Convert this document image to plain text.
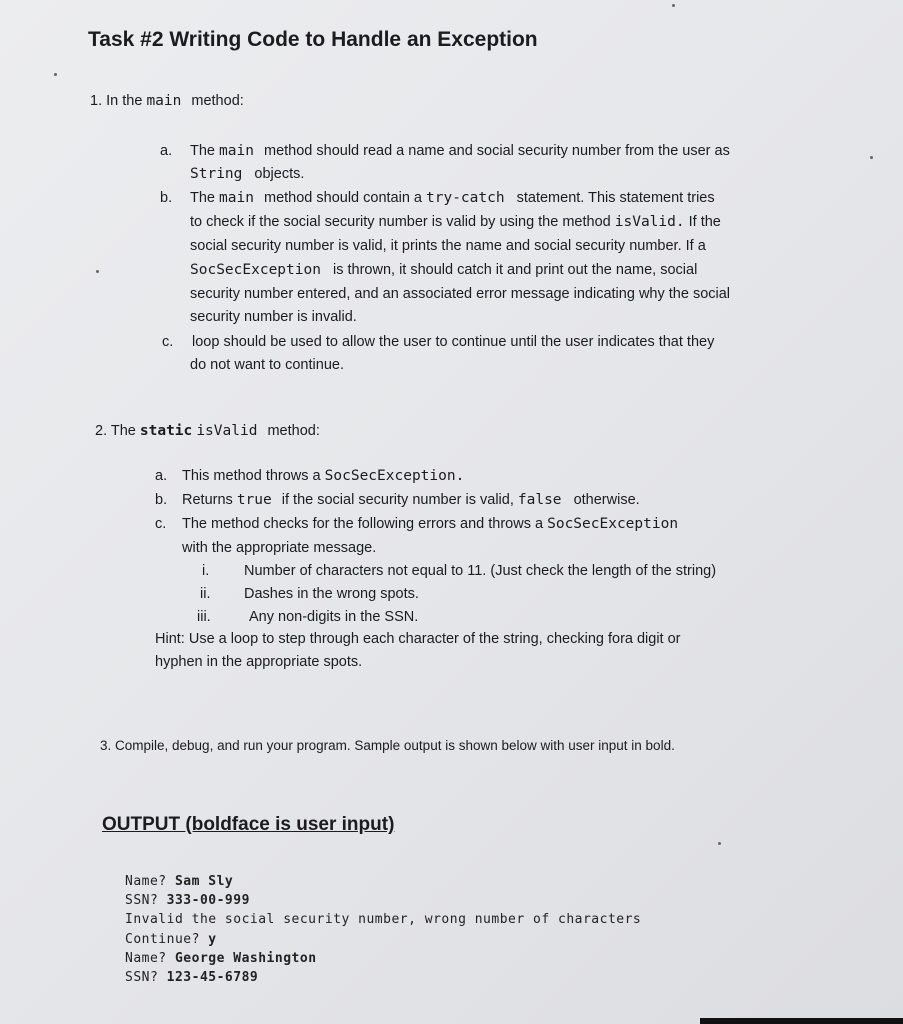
Task #2 Writing Code to Handle an Exception
1. In the main method:
a. The main method should read a name and social security number from the user as
String objects.
b. The main method should contain a try-catch statement. This statement tries
to check if the social security number is valid by using the method isValid. If the
social security number is valid, it prints the name and social security number. If a
SocSecException is thrown, it should catch it and print out the name, social
security number entered, and an associated error message indicating why the social
security number is invalid.
c. loop should be used to allow the user to continue until the user indicates that they
do not want to continue.
2. The static isValid method:
a. This method throws a SocSecException.
b. Returns true if the social security number is valid, false otherwise.
c. The method checks for the following errors and throws a SocSecException
with the appropriate message.
i. Number of characters not equal to 11. (Just check the length of the string)
ii. Dashes in the wrong spots.
iii.	Any non-digits in the SSN.
Hint: Use a loop to step through each character of the string, checking fora digit or
hyphen in the appropriate spots.
3. Compile, debug, and run your program. Sample output is shown below with user input in bold.
OUTPUT (boldface is user input)
Name? Sam Sly
SSN? 333-00-999
Invalid the social security number, wrong number of characters
Continue? y
Name? George Washington
SSN? 123-45-6789
